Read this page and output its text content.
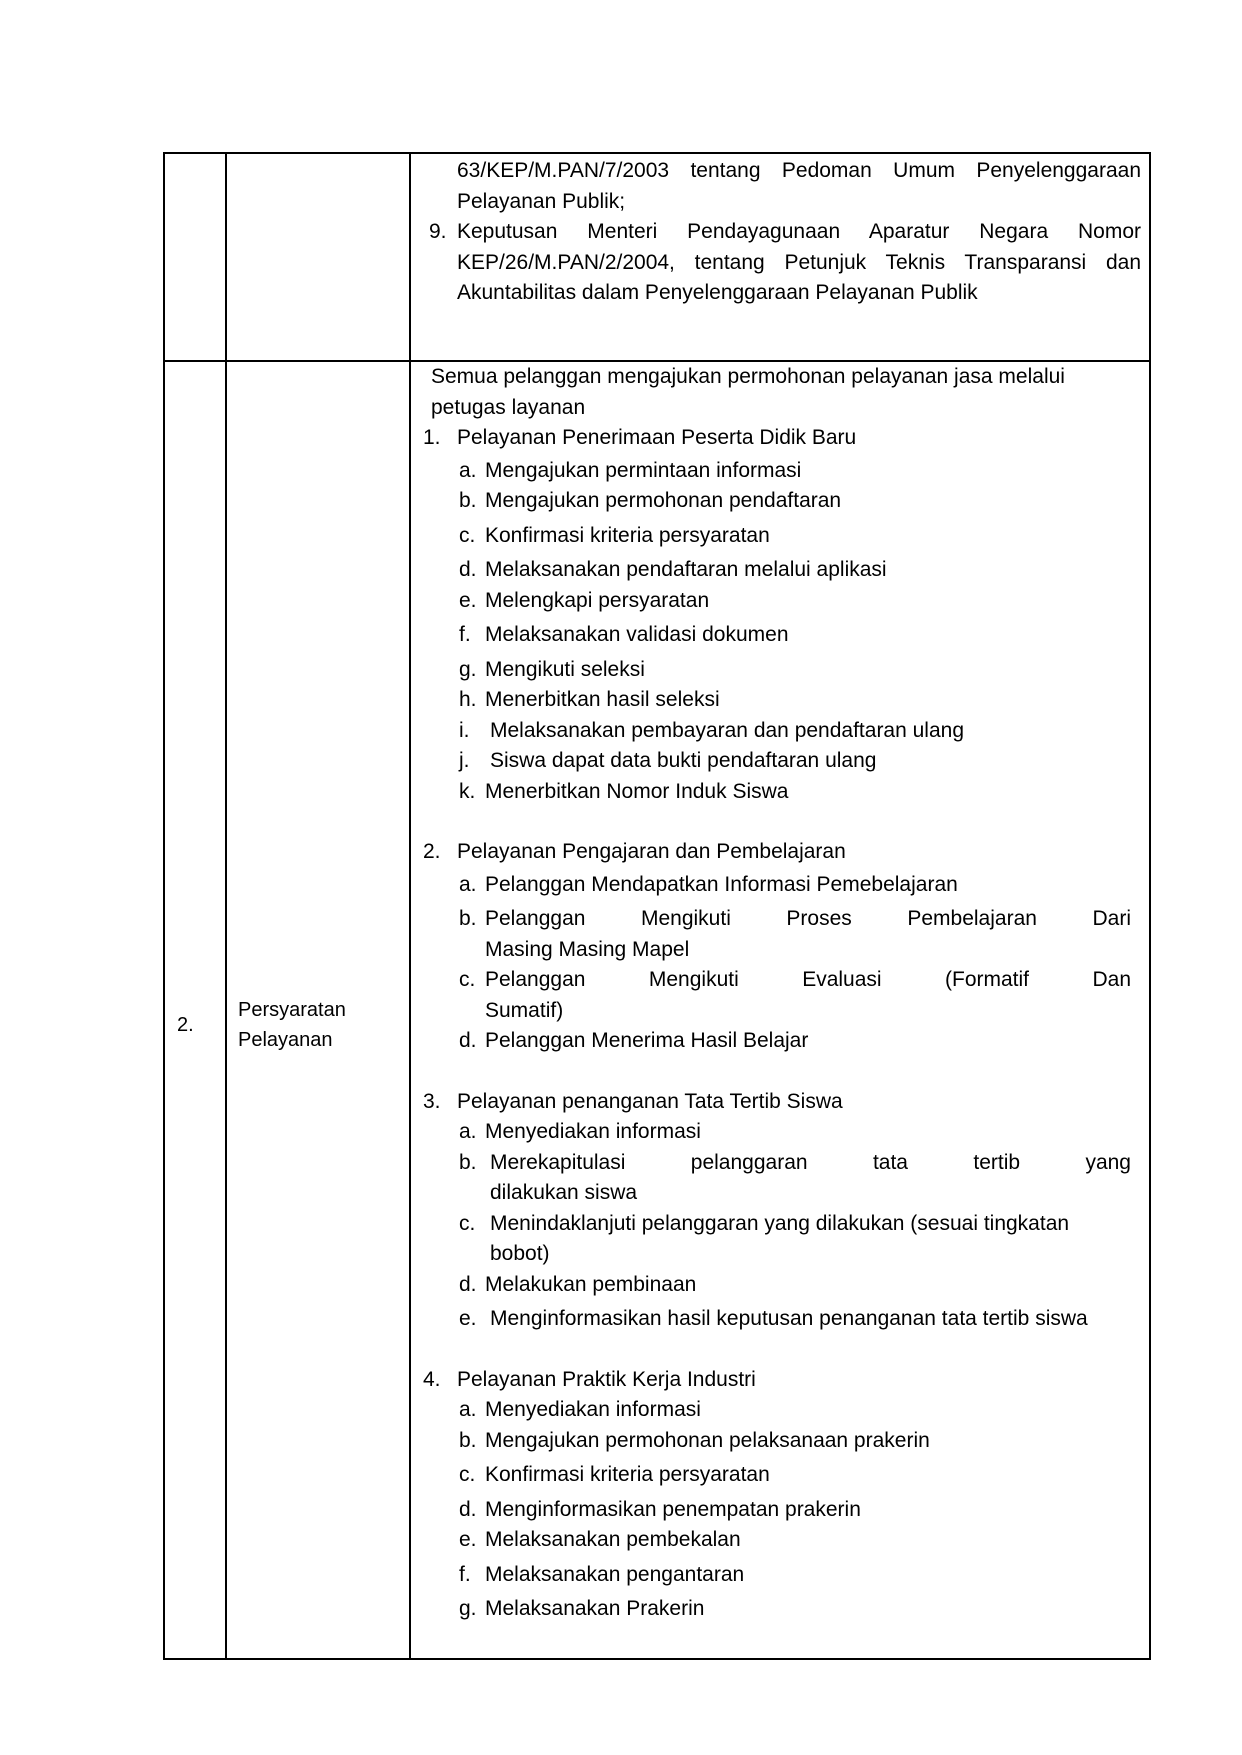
63/KEP/M.PAN/7/2003 tentang Pedoman Umum Penyelenggaraan
Pelayanan Publik;
9. Keputusan Menteri Pendayagunaan Aparatur Negara Nomor
KEP/26/M.PAN/2/2004, tentang Petunjuk Teknis Transparansi dan
Akuntabilitas dalam Penyelenggaraan Pelayanan Publik
2.
Persyaratan
Pelayanan
Semua pelanggan mengajukan permohonan pelayanan jasa melalui
petugas layanan
1. Pelayanan Penerimaan Peserta Didik Baru
a. Mengajukan permintaan informasi
b. Mengajukan permohonan pendaftaran
c. Konfirmasi kriteria persyaratan
d. Melaksanakan pendaftaran melalui aplikasi
e. Melengkapi persyaratan
f. Melaksanakan validasi dokumen
g. Mengikuti seleksi
h. Menerbitkan hasil seleksi
i. Melaksanakan pembayaran dan pendaftaran ulang
j. Siswa dapat data bukti pendaftaran ulang
k. Menerbitkan Nomor Induk Siswa
2. Pelayanan Pengajaran dan Pembelajaran
a. Pelanggan Mendapatkan Informasi Pemebelajaran
b. Pelanggan Mengikuti Proses Pembelajaran Dari
Masing Masing Mapel
c. Pelanggan Mengikuti Evaluasi (Formatif Dan
Sumatif)
d. Pelanggan Menerima Hasil Belajar
3. Pelayanan penanganan Tata Tertib Siswa
a. Menyediakan informasi
b. Merekapitulasi pelanggaran tata tertib yang
dilakukan siswa
c. Menindaklanjuti pelanggaran yang dilakukan (sesuai tingkatan
bobot)
d. Melakukan pembinaan
e. Menginformasikan hasil keputusan penanganan tata tertib siswa
4. Pelayanan Praktik Kerja Industri
a. Menyediakan informasi
b. Mengajukan permohonan pelaksanaan prakerin
c. Konfirmasi kriteria persyaratan
d. Menginformasikan penempatan prakerin
e. Melaksanakan pembekalan
f. Melaksanakan pengantaran
g. Melaksanakan Prakerin
